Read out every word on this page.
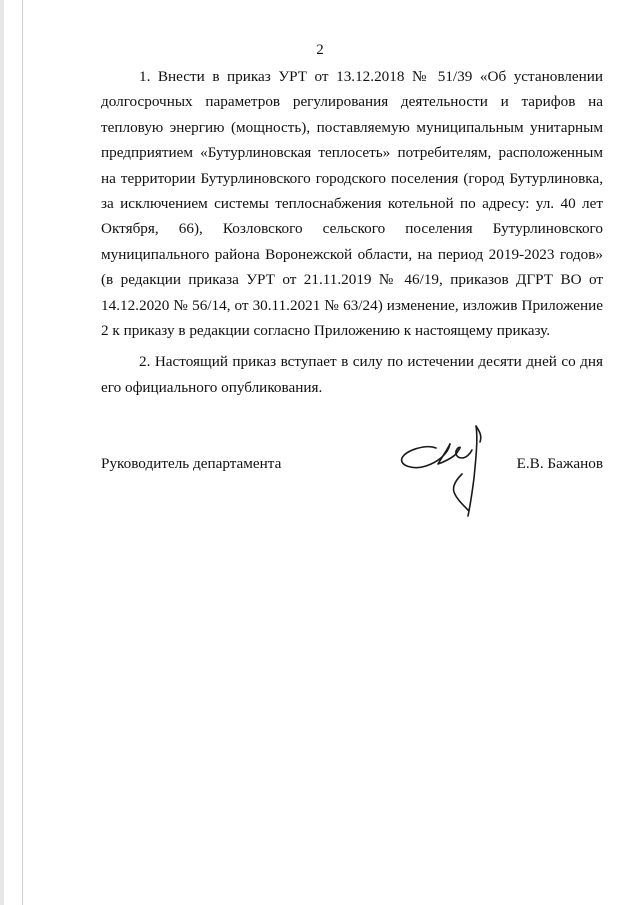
2

1. Внести в приказ УРТ от 13.12.2018 № 51/39 «Об установлении долгосрочных параметров регулирования деятельности и тарифов на тепловую энергию (мощность), поставляемую муниципальным унитарным предприятием «Бутурлиновская теплосеть» потребителям, расположенным на территории Бутурлиновского городского поселения (город Бутурлиновка, за исключением системы теплоснабжения котельной по адресу: ул. 40 лет Октября, 66), Козловского сельского поселения Бутурлиновского муниципального района Воронежской области, на период 2019-2023 годов» (в редакции приказа УРТ от 21.11.2019 № 46/19, приказов ДГРТ ВО от 14.12.2020 № 56/14, от 30.11.2021 № 63/24) изменение, изложив Приложение 2 к приказу в редакции согласно Приложению к настоящему приказу.

2. Настоящий приказ вступает в силу по истечении десяти дней со дня его официального опубликования.

Руководитель департамента	Е.В. Бажанов
